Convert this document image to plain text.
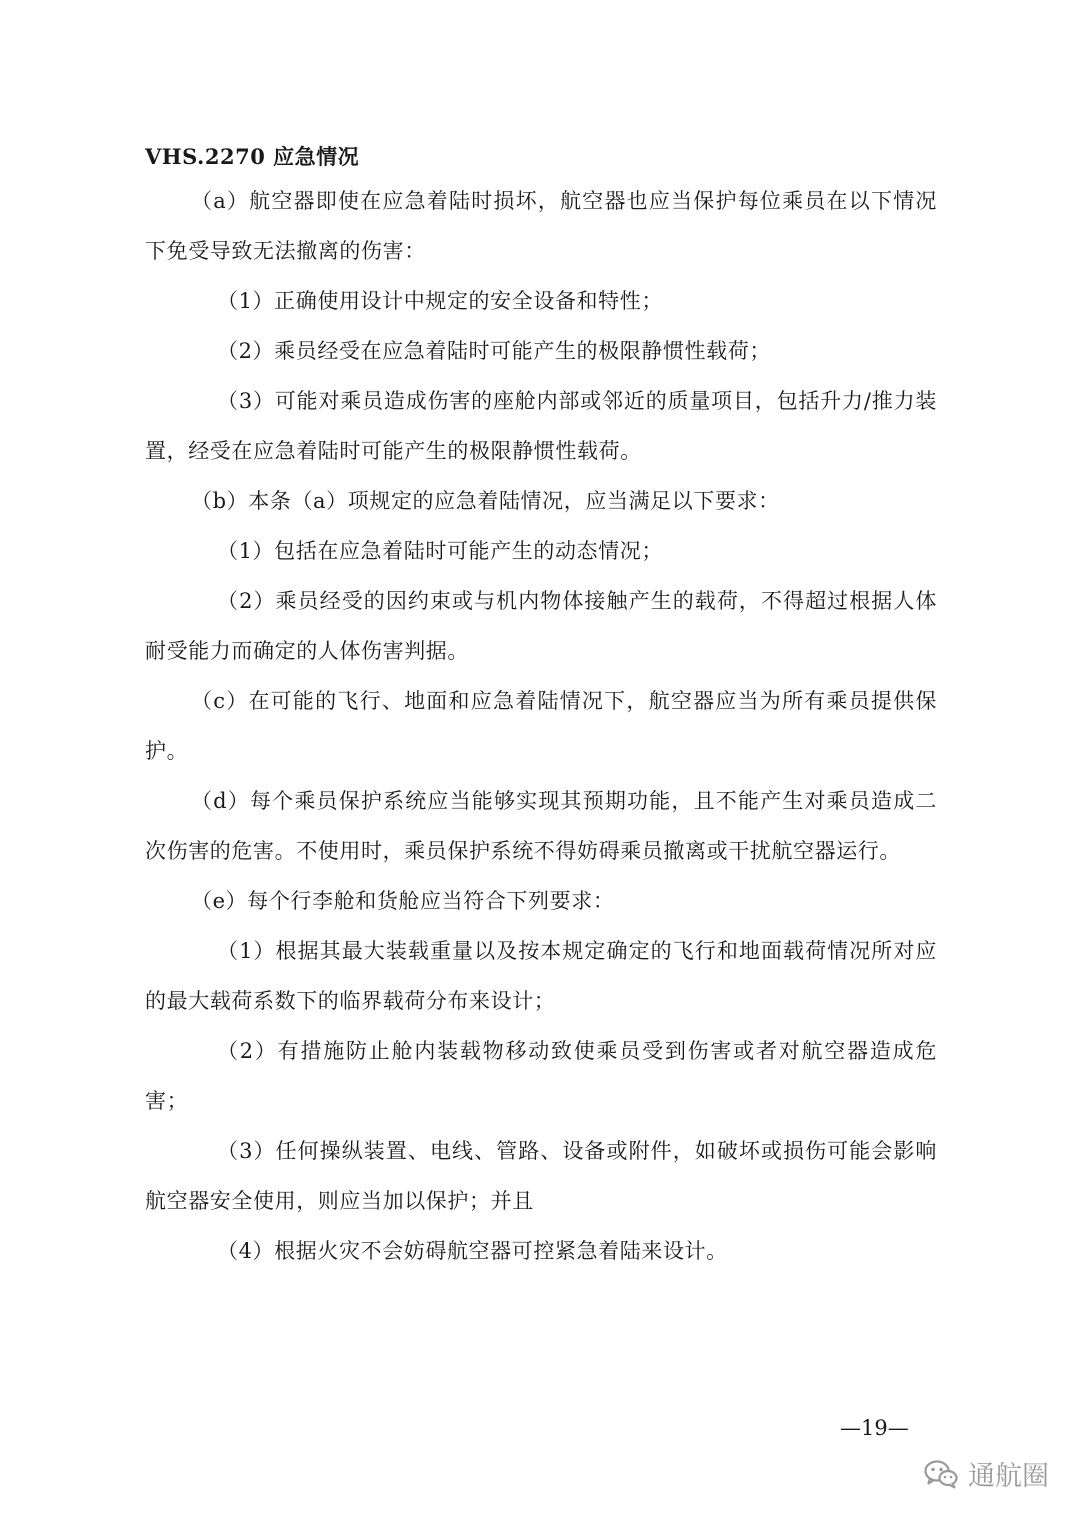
VHS.2270 应急情况

（a）航空器即使在应急着陆时损坏，航空器也应当保护每位乘员在以下情况下免受导致无法撤离的伤害：

（1）正确使用设计中规定的安全设备和特性；

（2）乘员经受在应急着陆时可能产生的极限静惯性载荷；

（3）可能对乘员造成伤害的座舱内部或邻近的质量项目，包括升力/推力装置，经受在应急着陆时可能产生的极限静惯性载荷。

（b）本条（a）项规定的应急着陆情况，应当满足以下要求：

（1）包括在应急着陆时可能产生的动态情况；

（2）乘员经受的因约束或与机内物体接触产生的载荷，不得超过根据人体耐受能力而确定的人体伤害判据。

（c）在可能的飞行、地面和应急着陆情况下，航空器应当为所有乘员提供保护。

（d）每个乘员保护系统应当能够实现其预期功能，且不能产生对乘员造成二次伤害的危害。不使用时，乘员保护系统不得妨碍乘员撤离或干扰航空器运行。

（e）每个行李舱和货舱应当符合下列要求：

（1）根据其最大装载重量以及按本规定确定的飞行和地面载荷情况所对应的最大载荷系数下的临界载荷分布来设计；

（2）有措施防止舱内装载物移动致使乘员受到伤害或者对航空器造成危害；

（3）任何操纵装置、电线、管路、设备或附件，如破坏或损伤可能会影响航空器安全使用，则应当加以保护；并且

（4）根据火灾不会妨碍航空器可控紧急着陆来设计。

—19—
通航圈
